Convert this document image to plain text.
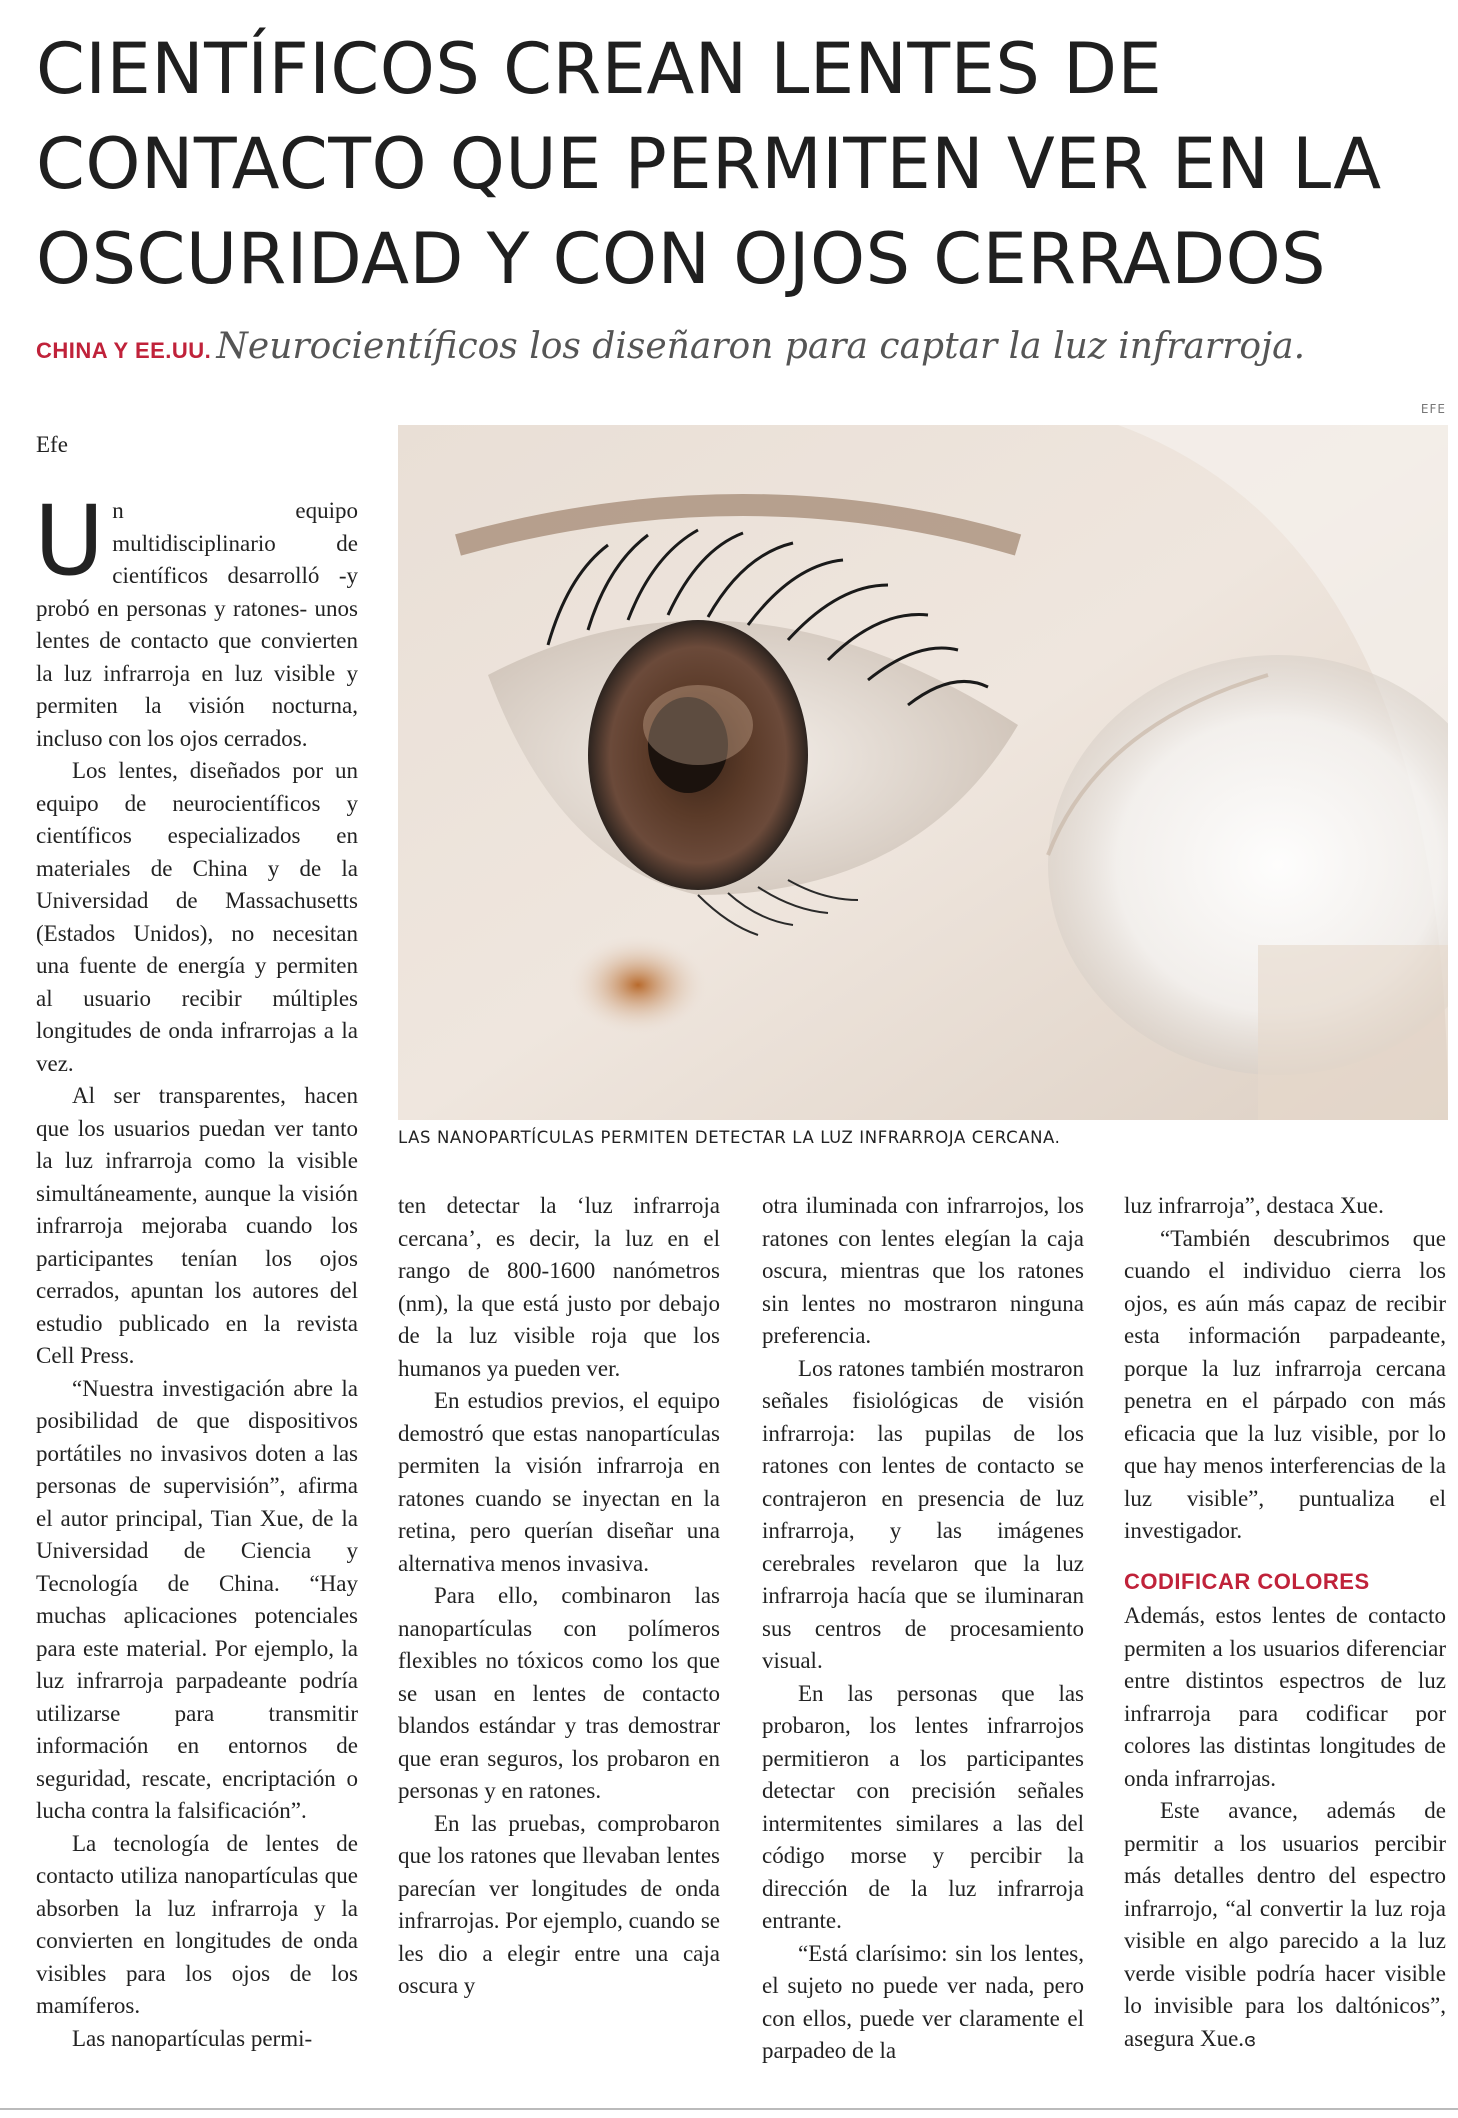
CIENTÍFICOS CREAN LENTES DE CONTACTO QUE PERMITEN VER EN LA OSCURIDAD Y CON OJOS CERRADOS
CHINA Y EE.UU. Neurocientíficos los diseñaron para captar la luz infrarroja.
Efe
EFE
LAS NANOPARTÍCULAS PERMITEN DETECTAR LA LUZ INFRARROJA CERCANA.

Un equipo multidisciplinario de científicos desarrolló -y probó en personas y ratones- unos lentes de contacto que convierten la luz infrarroja en luz visible y permiten la visión nocturna, incluso con los ojos cerrados.

Los lentes, diseñados por un equipo de neurocientíficos y científicos especializados en materiales de China y de la Universidad de Massachusetts (Estados Unidos), no necesitan una fuente de energía y permiten al usuario recibir múltiples longitudes de onda infrarrojas a la vez.

Al ser transparentes, hacen que los usuarios puedan ver tanto la luz infrarroja como la visible simultáneamente, aunque la visión infrarroja mejoraba cuando los participantes tenían los ojos cerrados, apuntan los autores del estudio publicado en la revista Cell Press.

“Nuestra investigación abre la posibilidad de que dispositivos portátiles no invasivos doten a las personas de supervisión”, afirma el autor principal, Tian Xue, de la Universidad de Ciencia y Tecnología de China. “Hay muchas aplicaciones potenciales para este material. Por ejemplo, la luz infrarroja parpadeante podría utilizarse para transmitir información en entornos de seguridad, rescate, encriptación o lucha contra la falsificación”.

La tecnología de lentes de contacto utiliza nanopartículas que absorben la luz infrarroja y la convierten en longitudes de onda visibles para los ojos de los mamíferos.

Las nanopartículas permi-

ten detectar la ‘luz infrarroja cercana’, es decir, la luz en el rango de 800-1600 nanómetros (nm), la que está justo por debajo de la luz visible roja que los humanos ya pueden ver.

En estudios previos, el equipo demostró que estas nanopartículas permiten la visión infrarroja en ratones cuando se inyectan en la retina, pero querían diseñar una alternativa menos invasiva.

Para ello, combinaron las nanopartículas con polímeros flexibles no tóxicos como los que se usan en lentes de contacto blandos estándar y tras demostrar que eran seguros, los probaron en personas y en ratones.

En las pruebas, comprobaron que los ratones que llevaban lentes parecían ver longitudes de onda infrarrojas. Por ejemplo, cuando se les dio a elegir entre una caja oscura y

otra iluminada con infrarrojos, los ratones con lentes elegían la caja oscura, mientras que los ratones sin lentes no mostraron ninguna preferencia.

Los ratones también mostraron señales fisiológicas de visión infrarroja: las pupilas de los ratones con lentes de contacto se contrajeron en presencia de luz infrarroja, y las imágenes cerebrales revelaron que la luz infrarroja hacía que se iluminaran sus centros de procesamiento visual.

En las personas que las probaron, los lentes infrarrojos permitieron a los participantes detectar con precisión señales intermitentes similares a las del código morse y percibir la dirección de la luz infrarroja entrante.

“Está clarísimo: sin los lentes, el sujeto no puede ver nada, pero con ellos, puede ver claramente el parpadeo de la

luz infrarroja”, destaca Xue.

“También descubrimos que cuando el individuo cierra los ojos, es aún más capaz de recibir esta información parpadeante, porque la luz infrarroja cercana penetra en el párpado con más eficacia que la luz visible, por lo que hay menos interferencias de la luz visible”, puntualiza el investigador.

CODIFICAR COLORES

Además, estos lentes de contacto permiten a los usuarios diferenciar entre distintos espectros de luz infrarroja para codificar por colores las distintas longitudes de onda infrarrojas.

Este avance, además de permitir a los usuarios percibir más detalles dentro del espectro infrarrojo, “al convertir la luz roja visible en algo parecido a la luz verde visible podría hacer visible lo invisible para los daltónicos”, asegura Xue.ɞ
